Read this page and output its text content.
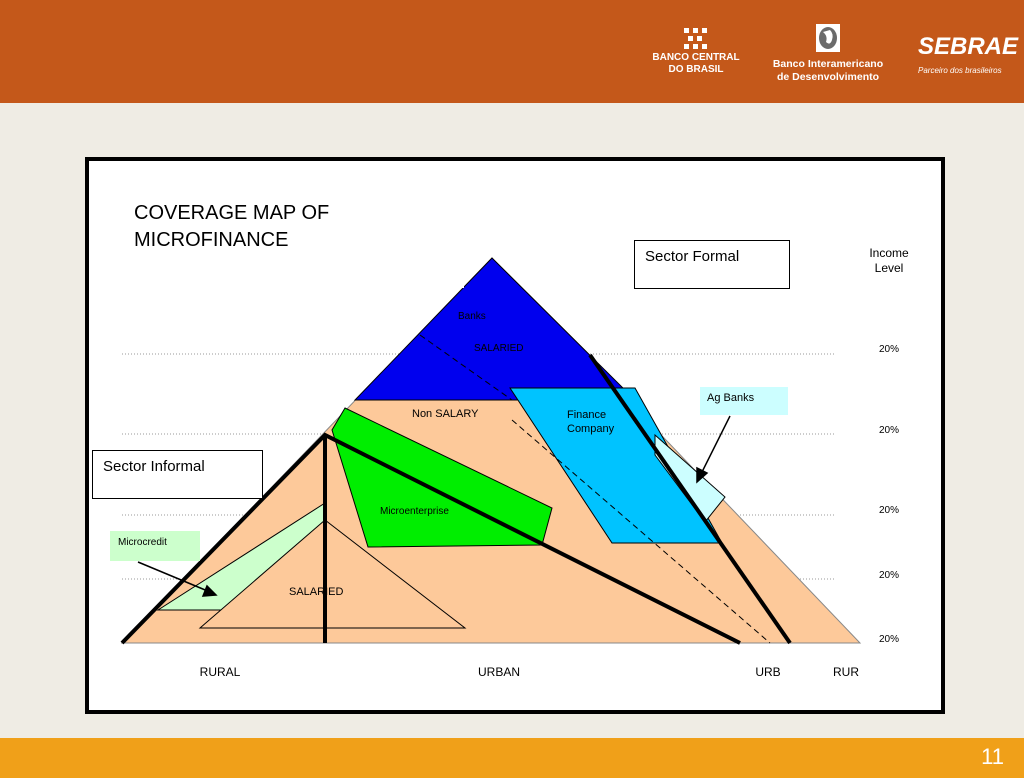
BANCO CENTRAL
DO BRASIL	Banco Interamericano
de Desenvolvimento
SEBRAE
Parceiro dos brasileiros
11
COVERAGE MAP OF MICROFINANCE
Sector Formal
Sector Informal
Income Level
20%
20%
20%
20%
20%
Banks
SALARIED
Non SALARY	Finance Company
Ag Banks
Microenterprise
Microcredit
SALARIED
RURAL	URBAN	URB	RUR
